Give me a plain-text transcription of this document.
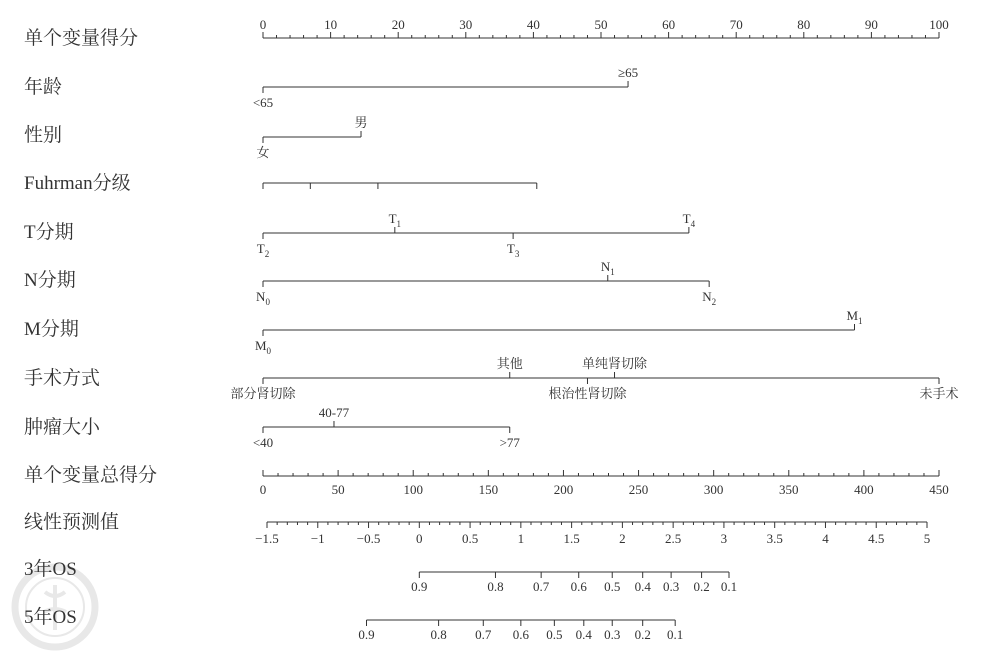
单个变量得分
0	10	20	30	40	50	60	70	80	90	100
年龄
<65
≥65
性别
女
男
Fuhrman分级
T分期
$T_2$
$T_1$
$T_3$
$T_4$
N分期
$N_0$
$N_1$
$N_2$
M分期
$M_0$
$M_1$
手术方式
部分肾切除
其他
根治性肾切除
单纯肾切除
未手术
肿瘤大小
<40
40-77
>77
单个变量总得分
0	50	100	150	200	250	300	350	400	450
线性预测值
−1.5 −1 −0.5	0	0.5	1	1.5	2	2.5	3	3.5	4	4.5	5
3年OS
0.9	0.8 0.7 0.6 0.5 0.4 0.3 0.2 0.1
5年OS
0.9	0.8 0.7 0.6 0.5 0.4 0.3 0.2 0.1
